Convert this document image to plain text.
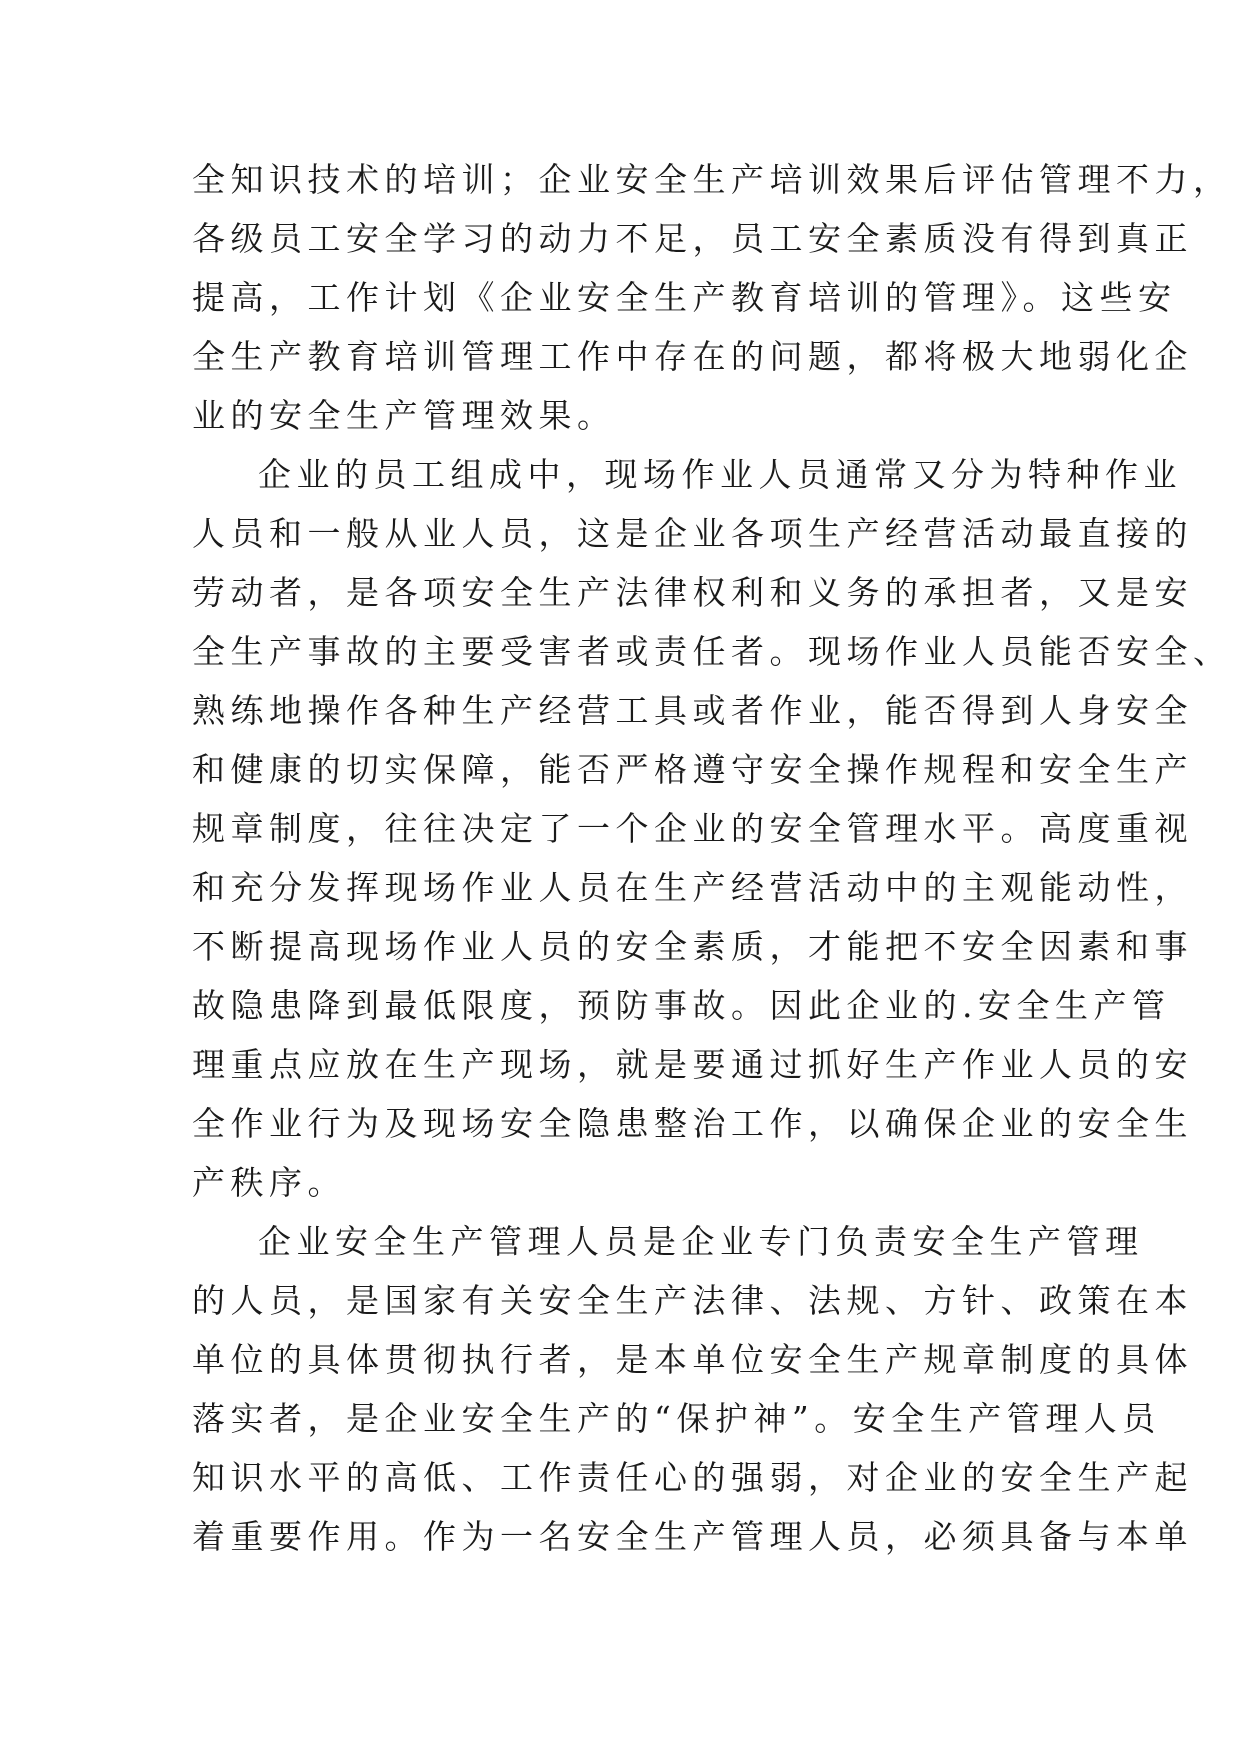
全知识技术的培训；企业安全生产培训效果后评估管理不力，
各级员工安全学习的动力不足，员工安全素质没有得到真正
提高，工作计划《企业安全生产教育培训的管理》。这些安
全生产教育培训管理工作中存在的问题，都将极大地弱化企
业的安全生产管理效果。
企业的员工组成中，现场作业人员通常又分为特种作业
人员和一般从业人员，这是企业各项生产经营活动最直接的
劳动者，是各项安全生产法律权利和义务的承担者，又是安
全生产事故的主要受害者或责任者。现场作业人员能否安全、
熟练地操作各种生产经营工具或者作业，能否得到人身安全
和健康的切实保障，能否严格遵守安全操作规程和安全生产
规章制度，往往决定了一个企业的安全管理水平。高度重视
和充分发挥现场作业人员在生产经营活动中的主观能动性，
不断提高现场作业人员的安全素质，才能把不安全因素和事
故隐患降到最低限度，预防事故。因此企业的.安全生产管
理重点应放在生产现场，就是要通过抓好生产作业人员的安
全作业行为及现场安全隐患整治工作，以确保企业的安全生
产秩序。
企业安全生产管理人员是企业专门负责安全生产管理
的人员，是国家有关安全生产法律、法规、方针、政策在本
单位的具体贯彻执行者，是本单位安全生产规章制度的具体
落实者，是企业安全生产的“保护神”。安全生产管理人员
知识水平的高低、工作责任心的强弱，对企业的安全生产起
着重要作用。作为一名安全生产管理人员，必须具备与本单
